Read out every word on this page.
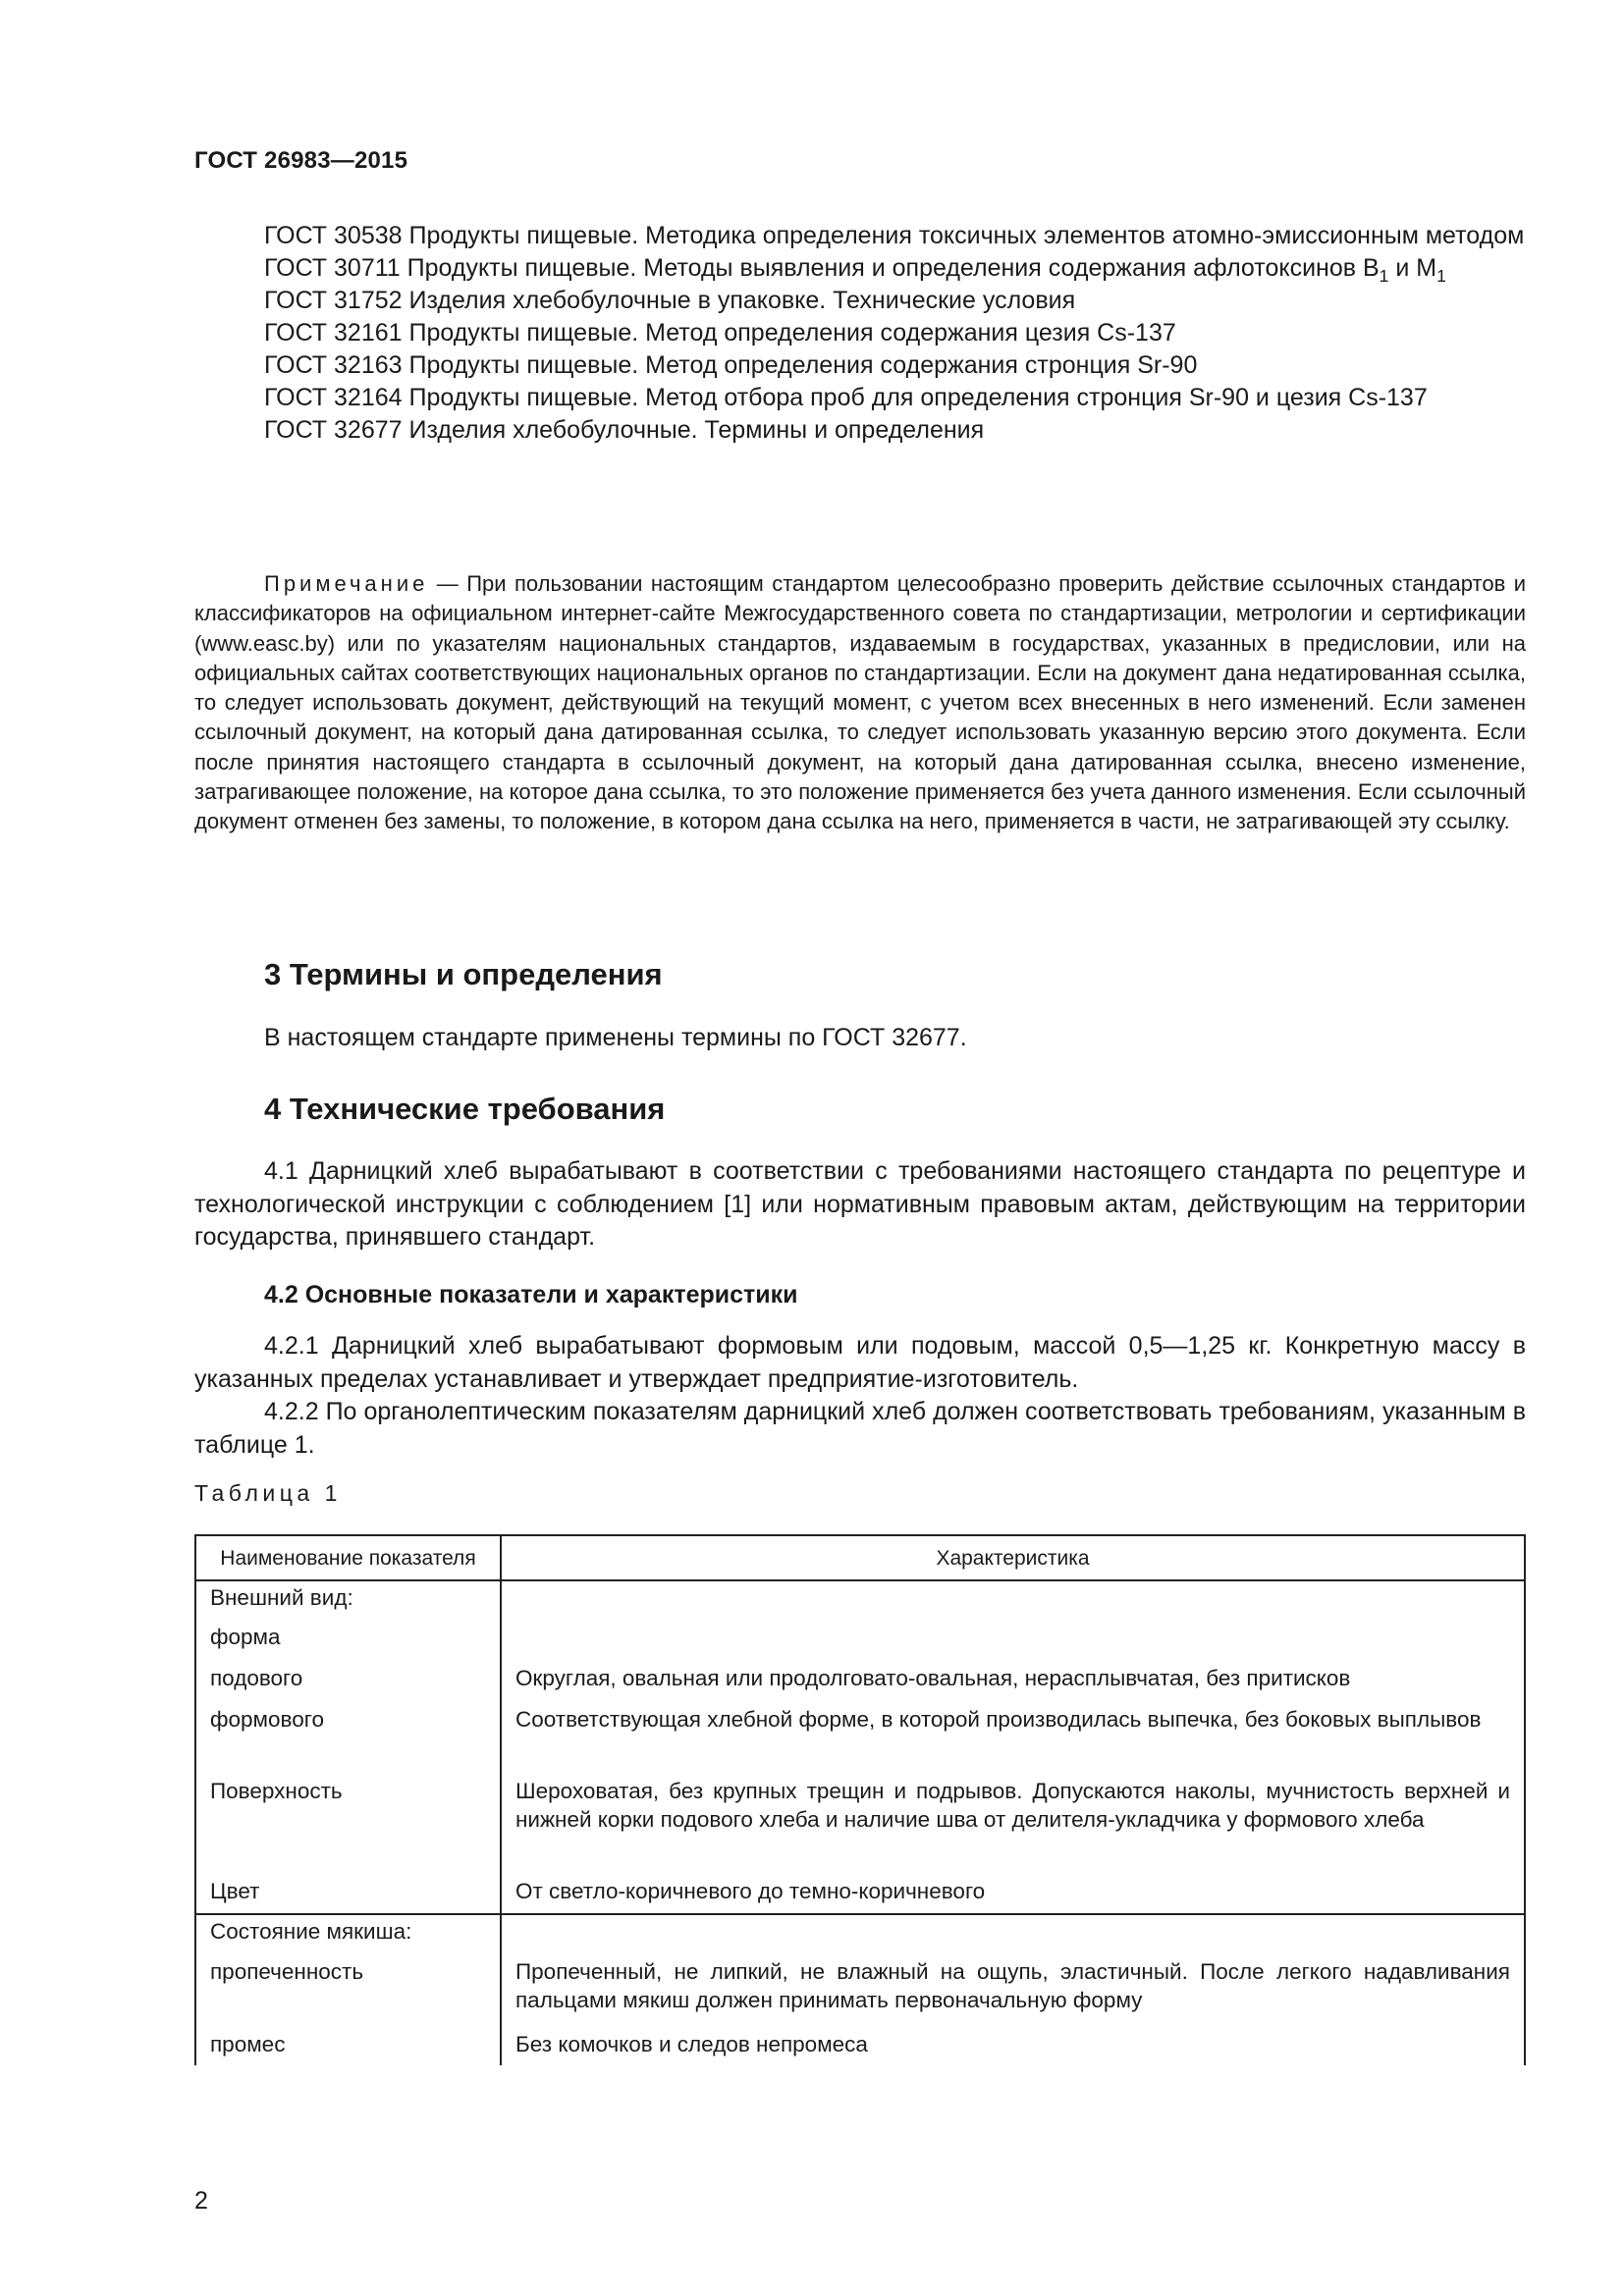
ГОСТ 26983—2015

ГОСТ 30538 Продукты пищевые. Методика определения токсичных элементов атомно-эмиссионным методом

ГОСТ 30711 Продукты пищевые. Методы выявления и определения содержания афлотоксинов $В_1$ и $М_1$

ГОСТ 31752 Изделия хлебобулочные в упаковке. Технические условия

ГОСТ 32161 Продукты пищевые. Метод определения содержания цезия Cs-137

ГОСТ 32163 Продукты пищевые. Метод определения содержания стронция Sr-90

ГОСТ 32164 Продукты пищевые. Метод отбора проб для определения стронция Sr-90 и цезия Cs-137

ГОСТ 32677 Изделия хлебобулочные. Термины и определения

Примечание — При пользовании настоящим стандартом целесообразно проверить действие ссылочных стандартов и классификаторов на официальном интернет-сайте Межгосударственного совета по стандартизации, метрологии и сертификации (www.easc.by) или по указателям национальных стандартов, издаваемым в государствах, указанных в предисловии, или на официальных сайтах соответствующих национальных органов по стандартизации. Если на документ дана недатированная ссылка, то следует использовать документ, действующий на текущий момент, с учетом всех внесенных в него изменений. Если заменен ссылочный документ, на который дана датированная ссылка, то следует использовать указанную версию этого документа. Если после принятия настоящего стандарта в ссылочный документ, на который дана датированная ссылка, внесено изменение, затрагивающее положение, на которое дана ссылка, то это положение применяется без учета данного изменения. Если ссылочный документ отменен без замены, то положение, в котором дана ссылка на него, применяется в части, не затрагивающей эту ссылку.

3 Термины и определения

В настоящем стандарте применены термины по ГОСТ 32677.

4 Технические требования

4.1 Дарницкий хлеб вырабатывают в соответствии с требованиями настоящего стандарта по рецептуре и технологической инструкции с соблюдением [1] или нормативным правовым актам, действующим на территории государства, принявшего стандарт.

4.2 Основные показатели и характеристики

4.2.1 Дарницкий хлеб вырабатывают формовым или подовым, массой 0,5—1,25 кг. Конкретную массу в указанных пределах устанавливает и утверждает предприятие-изготовитель.

4.2.2 По органолептическим показателям дарницкий хлеб должен соответствовать требованиям, указанным в таблице 1.

Таблица 1
Наименование показателя	Характеристика
Внешний вид:	
форма	
подового	Округлая, овальная или продолговато-овальная, нерасплывчатая, без притисков
формового	Соответствующая хлебной форме, в которой производилась выпечка, без боковых выплывов
Поверхность	Шероховатая, без крупных трещин и подрывов. Допускаются наколы, мучнистость верхней и нижней корки подового хлеба и наличие шва от делителя-укладчика у формового хлеба
Цвет	От светло-коричневого до темно-коричневого
Состояние мякиша:	
пропеченность	Пропеченный, не липкий, не влажный на ощупь, эластичный. После легкого надавливания пальцами мякиш должен принимать первоначальную форму
промес	Без комочков и следов непромеса
2
